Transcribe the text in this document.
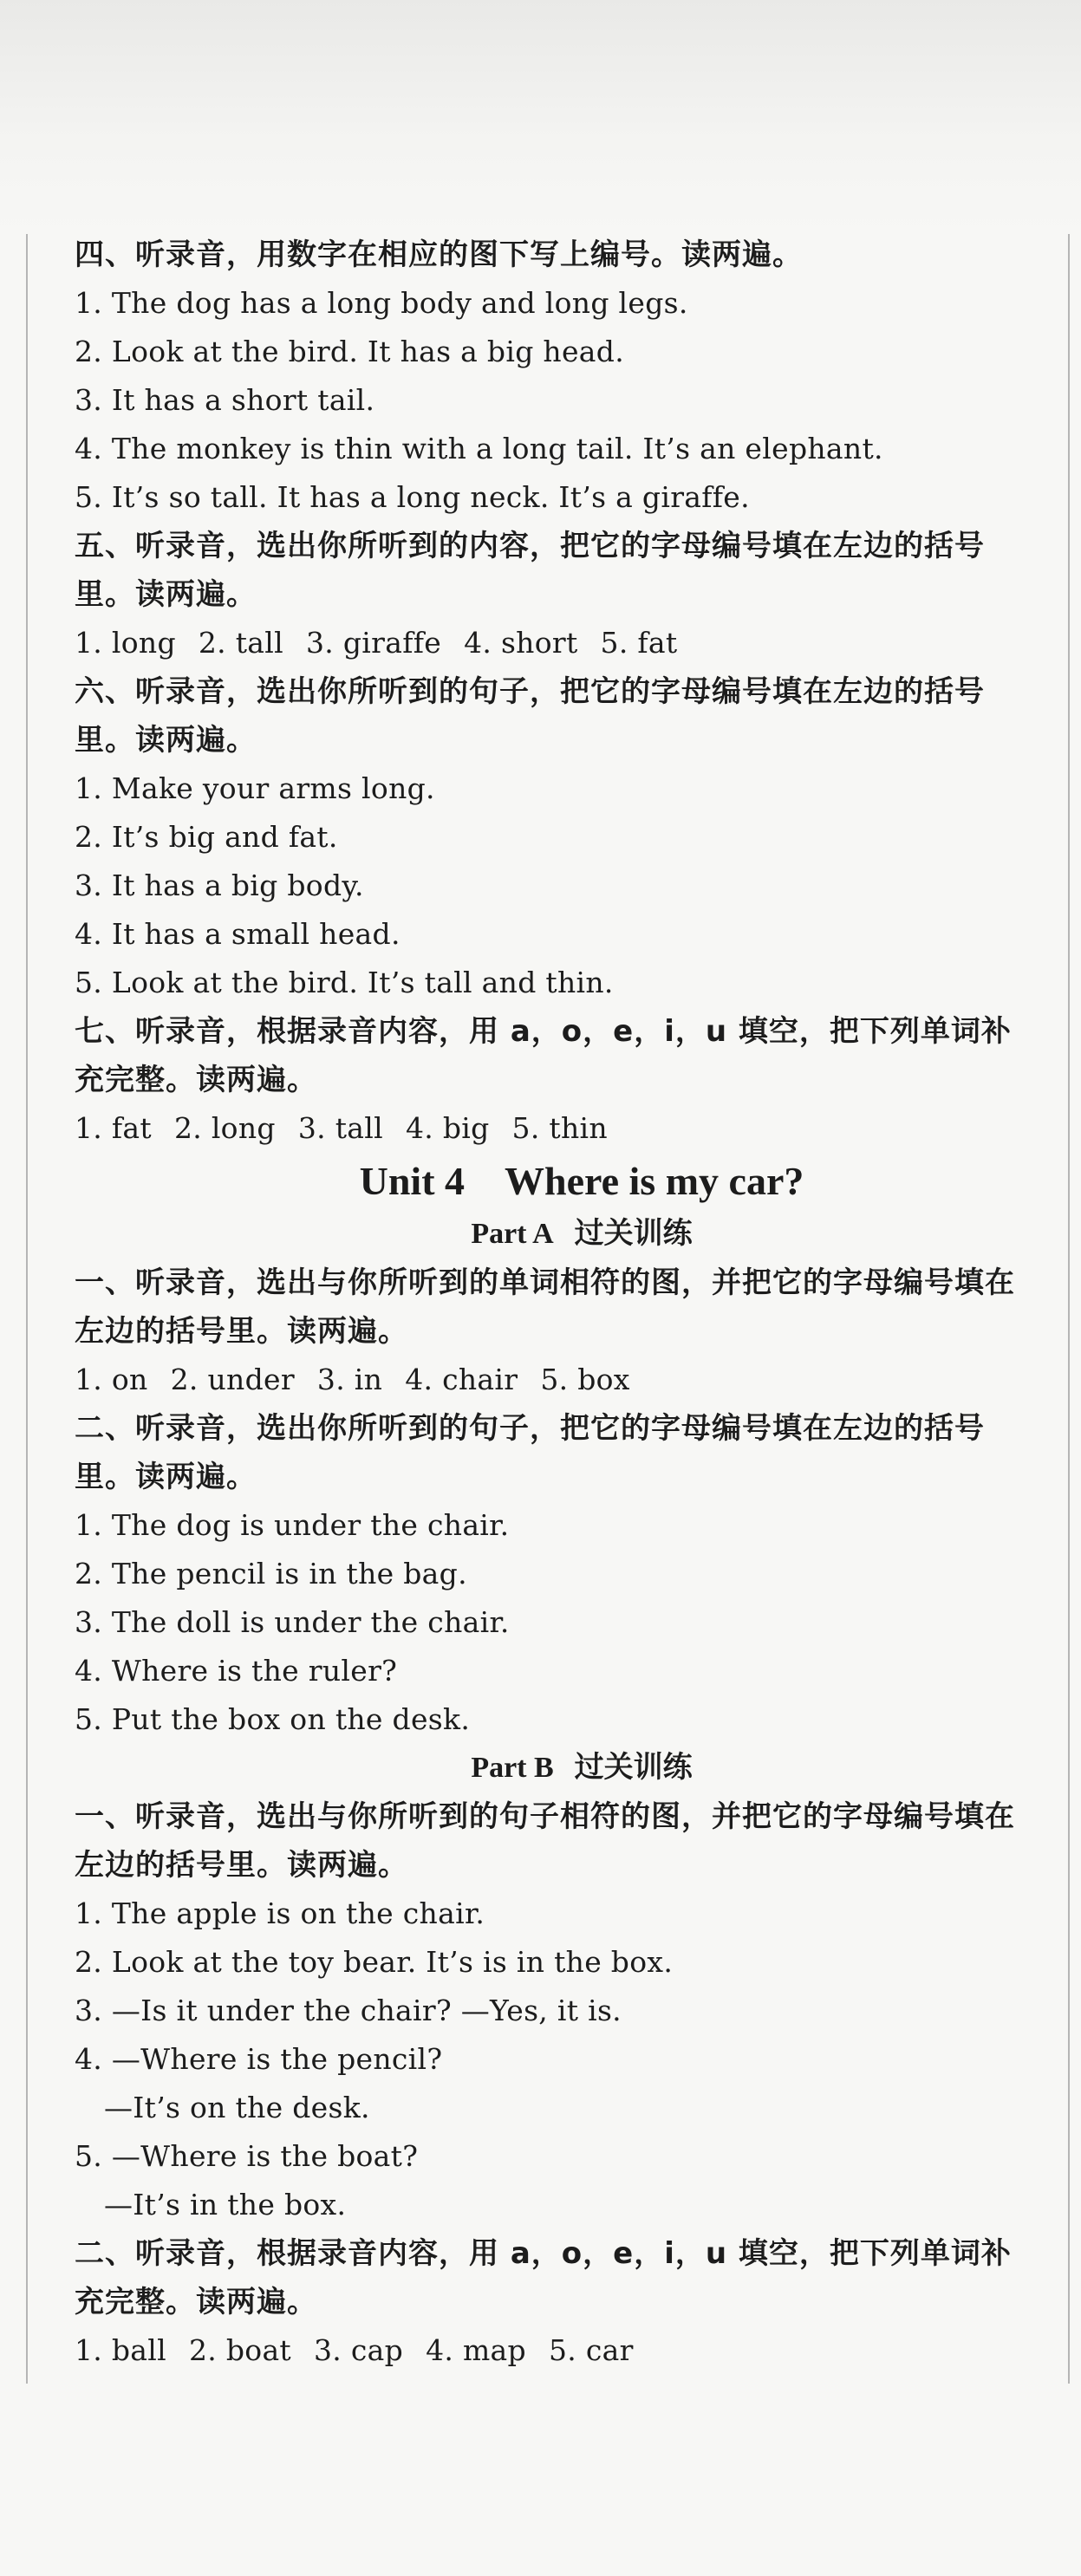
四、听录音，用数字在相应的图下写上编号。读两遍。
1. The dog has a long body and long legs.
2. Look at the bird. It has a big head.
3. It has a short tail.
4. The monkey is thin with a long tail. It’s an elephant.
5. It’s so tall. It has a long neck. It’s a giraffe.
五、听录音，选出你所听到的内容，把它的字母编号填在左边的括号里。读两遍。
1. long 2. tall 3. giraffe 4. short 5. fat
六、听录音，选出你所听到的句子，把它的字母编号填在左边的括号里。读两遍。
1. Make your arms long.
2. It’s big and fat.
3. It has a big body.
4. It has a small head.
5. Look at the bird. It’s tall and thin.
七、听录音，根据录音内容，用 a，o，e，i，u 填空，把下列单词补充完整。读两遍。
1. fat 2. long 3. tall 4. big 5. thin
Unit 4　Where is my car?
Part A 过关训练
一、听录音，选出与你所听到的单词相符的图，并把它的字母编号填在左边的括号里。读两遍。
1. on 2. under 3. in 4. chair 5. box
二、听录音，选出你所听到的句子，把它的字母编号填在左边的括号里。读两遍。
1. The dog is under the chair.
2. The pencil is in the bag.
3. The doll is under the chair.
4. Where is the ruler?
5. Put the box on the desk.
Part B 过关训练
一、听录音，选出与你所听到的句子相符的图，并把它的字母编号填在左边的括号里。读两遍。
1. The apple is on the chair.
2. Look at the toy bear. It’s is in the box.
3. —Is it under the chair? —Yes, it is.
4. —Where is the pencil?
—It’s on the desk.
5. —Where is the boat?
—It’s in the box.
二、听录音，根据录音内容，用 a，o，e，i，u 填空，把下列单词补充完整。读两遍。
1. ball 2. boat 3. cap 4. map 5. car
